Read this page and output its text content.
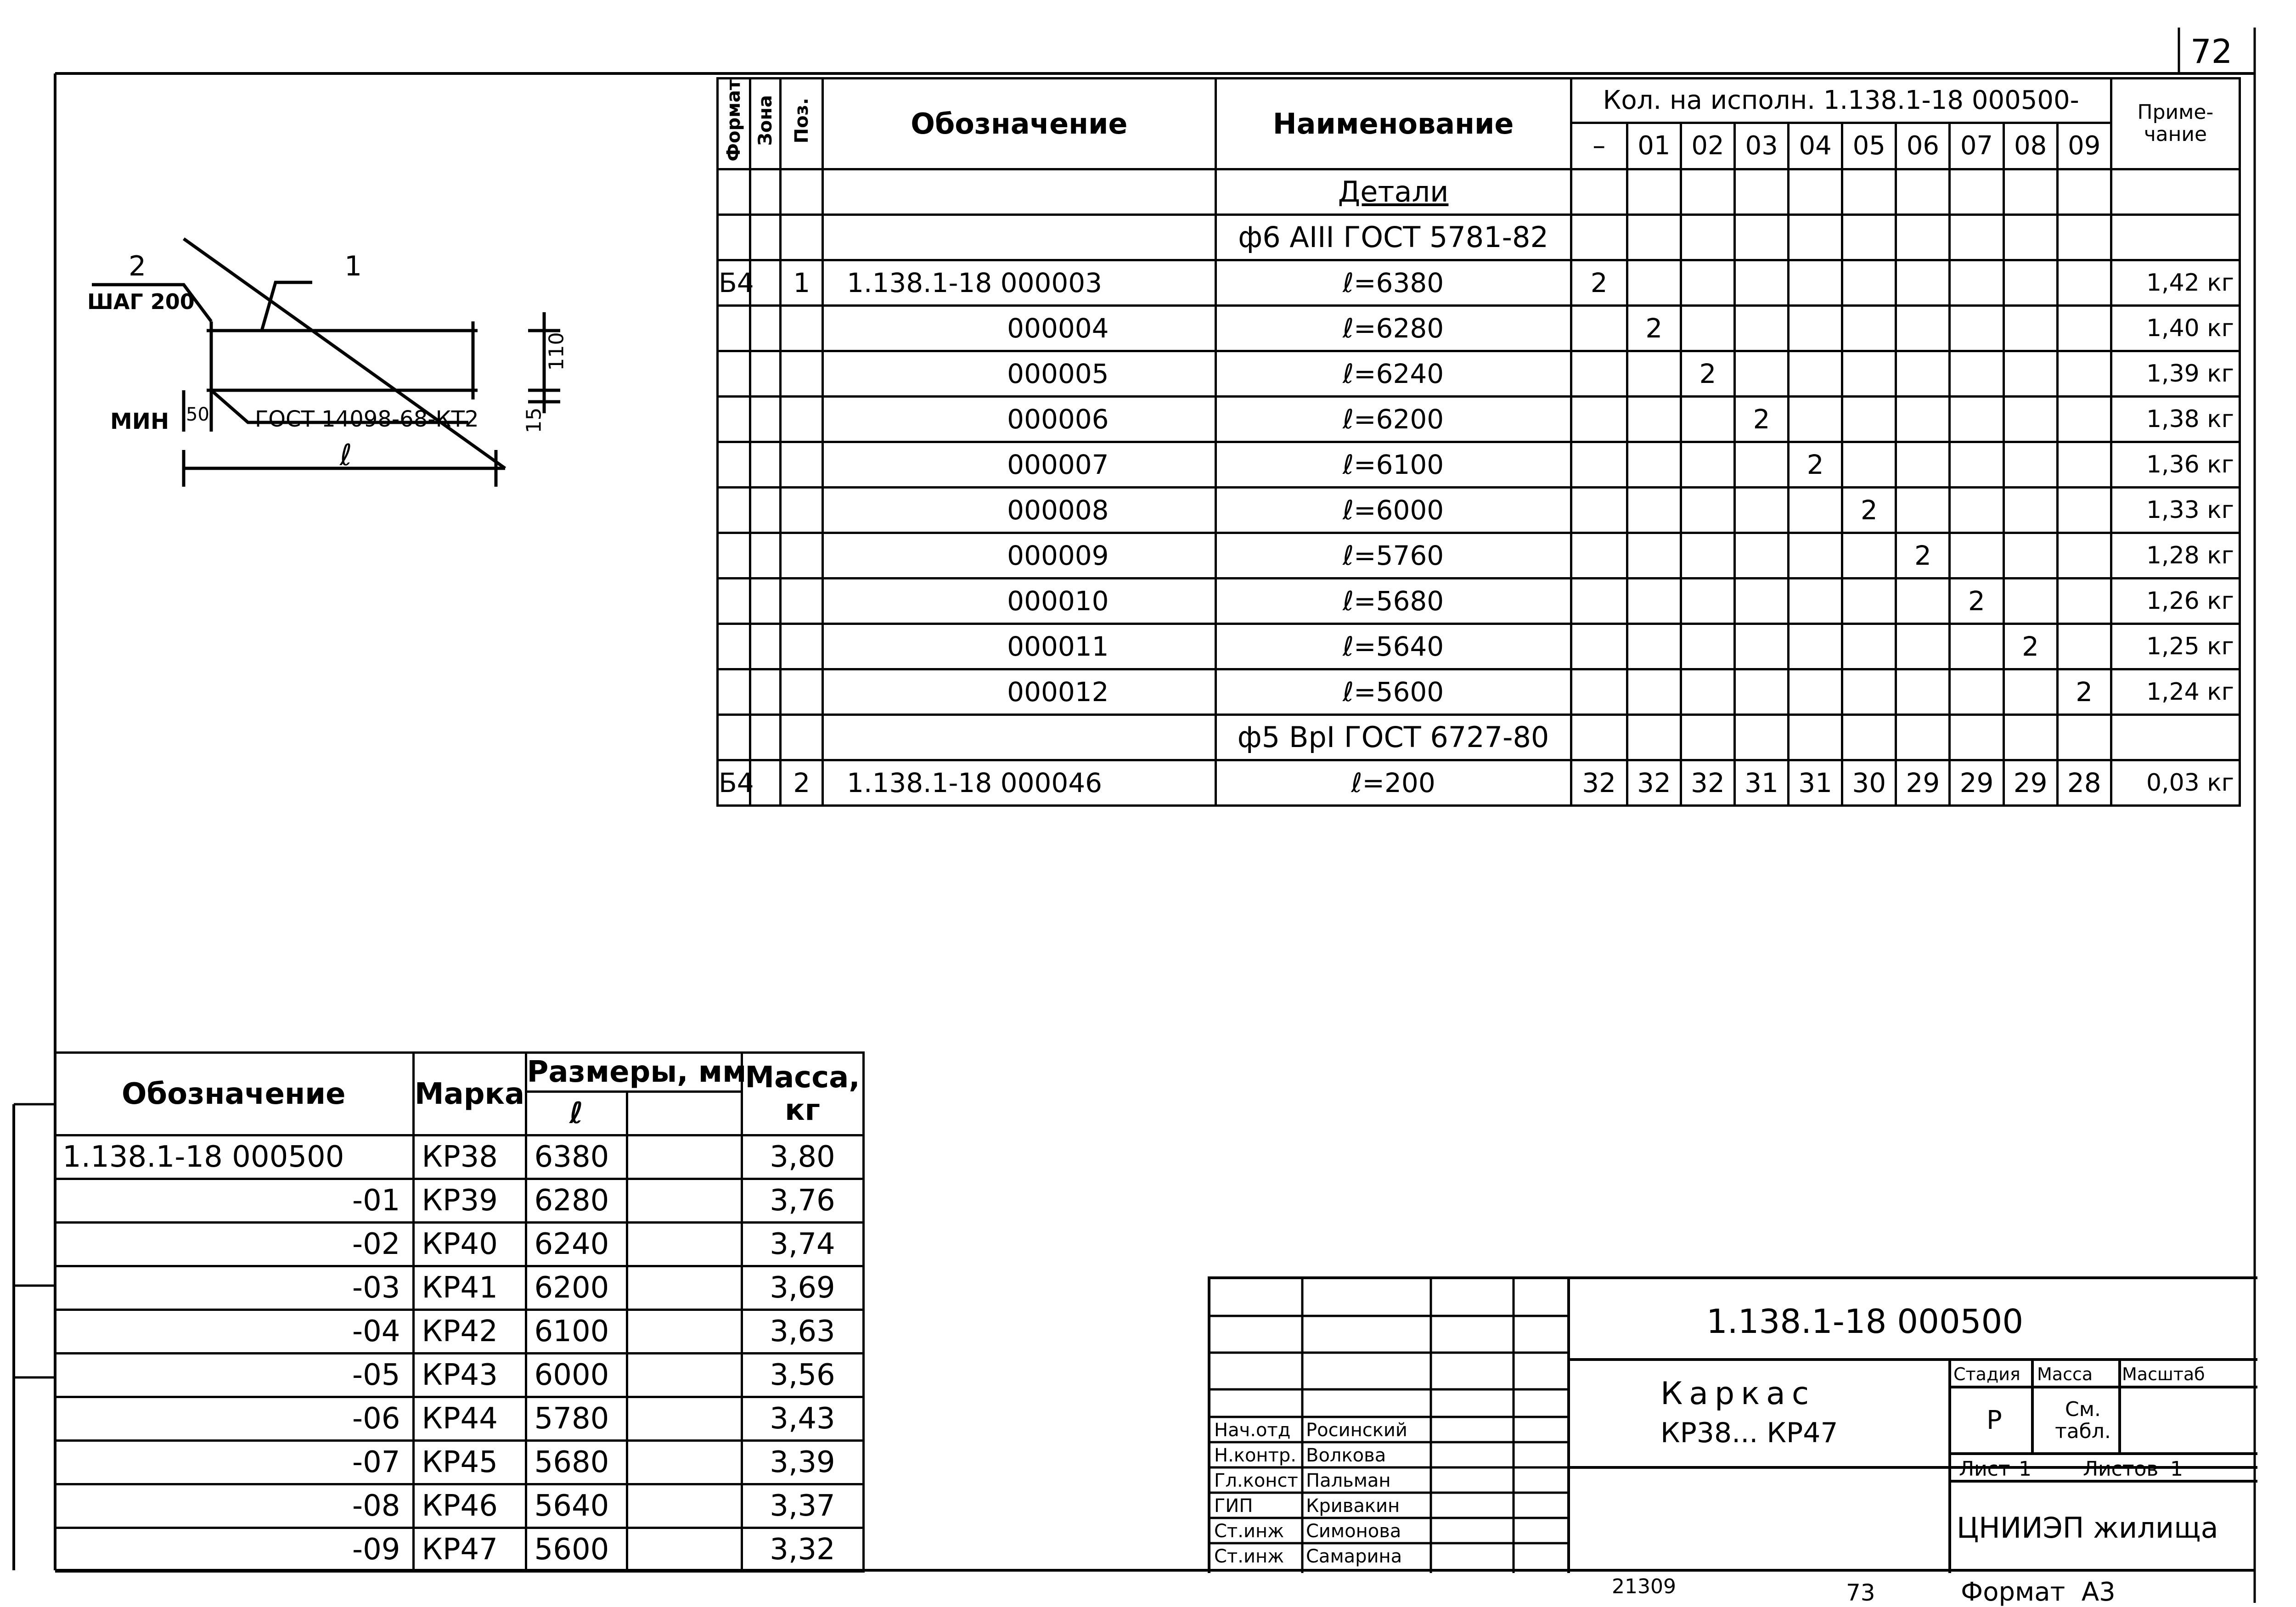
72
2
ШАГ 200
1
МИН 50 ГОСТ 14098-68-КТ2
ℓ
110
15
Формат	Зона	Поз.	Обозначение	Наименование	Кол. на исполн. 1.138.1-18 000500-										Приме-чание
					–	01	02	03	04	05	06	07	08	09	
				Детали											
				ф6 АIII ГОСТ 5781-82											
Б4		1	1.138.1-18 000003	ℓ=6380	2										1,42 кг
			000004	ℓ=6280		2									1,40 кг
			000005	ℓ=6240			2								1,39 кг
			000006	ℓ=6200				2							1,38 кг
			000007	ℓ=6100					2						1,36 кг
			000008	ℓ=6000						2					1,33 кг
			000009	ℓ=5760							2				1,28 кг
			000010	ℓ=5680								2			1,26 кг
			000011	ℓ=5640									2		1,25 кг
			000012	ℓ=5600										2	1,24 кг
				ф5 ВрI ГОСТ 6727-80											
Б4		2	1.138.1-18 000046	ℓ=200	32	32	32	31	31	30	29	29	29	28	0,03 кг
Обозначение	Марка	Размеры, мм		Масса, кг
		ℓ		
1.138.1-18 000500	КР38	6380		3,80
-01	КР39	6280		3,76
-02	КР40	6240		3,74
-03	КР41	6200		3,69
-04	КР42	6100		3,63
-05	КР43	6000		3,56
-06	КР44	5780		3,43
-07	КР45	5680		3,39
-08	КР46	5640		3,37
-09	КР47	5600		3,32
Нач.отд Росинский
Н.контр. Волкова
Гл.конст Пальман
ГИП	Кривакин
Ст.инж Симонова
Ст.инж Самарина
1.138.1-18 000500
Каркас
КР38... КР47
Стадия Масса Масштаб
Р	См. табл.
Лист 1	Листов 1
ЦНИИЭП жилища
21309	73	Формат А3
